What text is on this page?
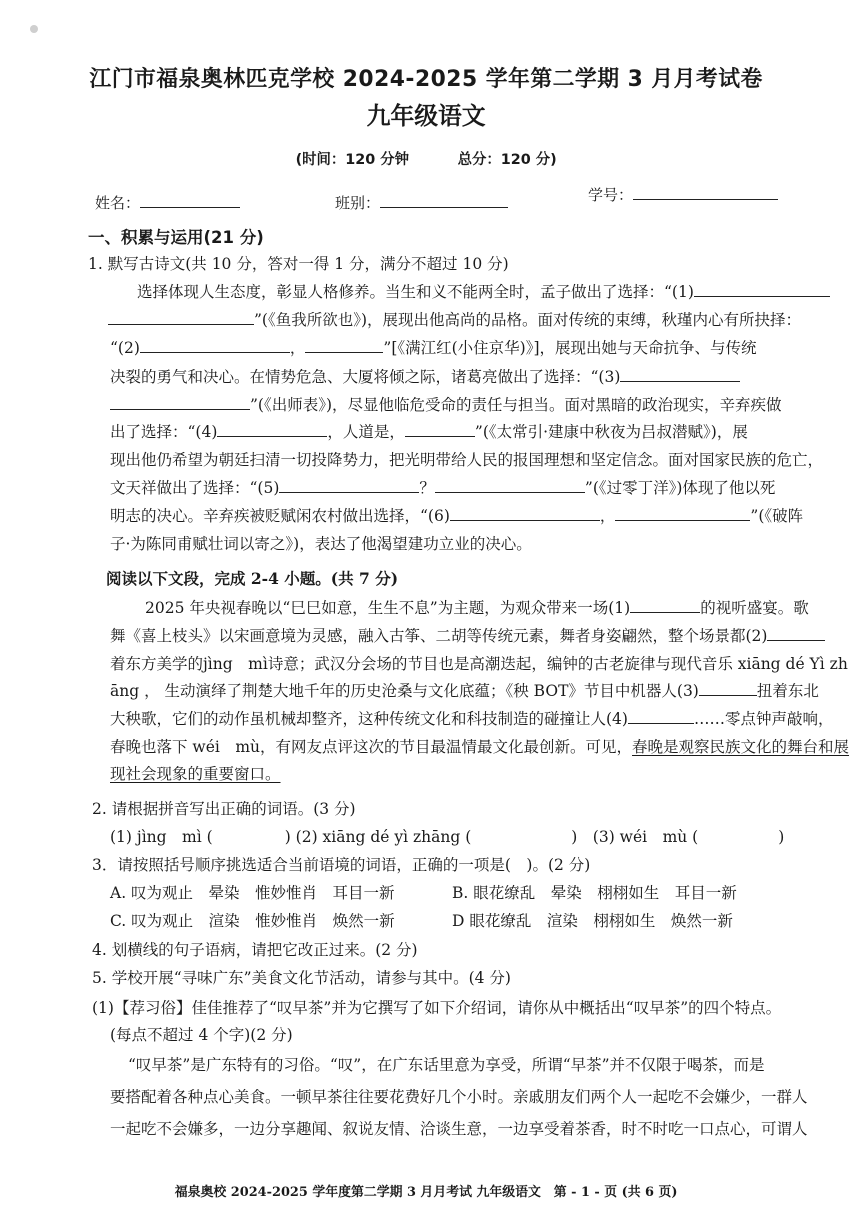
江门市福泉奥林匹克学校 2024-2025 学年第二学期 3 月月考试卷
九年级语文
(时间：120 分钟	总分：120 分)
姓名：	班别：	学号：
一、积累与运用(21 分)
1. 默写古诗文(共 10 分，答对一得 1 分，满分不超过 10 分)
选择体现人生态度，彰显人格修养。当生和义不能两全时，孟子做出了选择：“(1)
”(《鱼我所欲也》)，展现出他高尚的品格。面对传统的束缚，秋瑾内心有所抉择：
“(2)	，	”[《满江红(小住京华)》]，展现出她与天命抗争、与传统
决裂的勇气和决心。在情势危急、大厦将倾之际，诸葛亮做出了选择：“(3)
”(《出师表》)，尽显他临危受命的责任与担当。面对黑暗的政治现实，辛弃疾做
出了选择：“(4)	，人道是，	”(《太常引·建康中秋夜为吕叔潜赋》)，展
现出他仍希望为朝廷扫清一切投降势力，把光明带给人民的报国理想和坚定信念。面对国家民族的危亡，
文天祥做出了选择：“(5)	？	”(《过零丁洋》)体现了他以死
明志的决心。辛弃疾被贬赋闲农村做出选择，“(6)	，	”(《破阵
子·为陈同甫赋壮词以寄之》)，表达了他渴望建功立业的决心。
阅读以下文段，完成 2-4 小题。(共 7 分)
2025 年央视春晚以“巳巳如意，生生不息”为主题，为观众带来一场(1)	的视听盛宴。歌
舞《喜上枝头》以宋画意境为灵感，融入古筝、二胡等传统元素，舞者身姿翩然，整个场景都(2)
着东方美学的jìng　mì诗意；武汉分会场的节目也是高潮迭起，编钟的古老旋律与现代音乐 xiāng dé Yì zh
āng ， 生动演绎了荆楚大地千年的历史沧桑与文化底蕴；《秧 BOT》节目中机器人(3)	扭着东北
大秧歌，它们的动作虽机械却整齐，这种传统文化和科技制造的碰撞让人(4)	……零点钟声敲响，
春晚也落下 wéi　mù，有网友点评这次的节目最温情最文化最创新。可见，春晚是观察民族文化的舞台和展
现社会现象的重要窗口。
2. 请根据拼音写出正确的词语。(3 分)
(1) jìng　mì (	) (2) xiāng dé yì zhāng (	)　(3) wéi　mù (	)
3．请按照括号顺序挑选适合当前语境的词语，正确的一项是(　)。(2 分)
A. 叹为观止　晕染　惟妙惟肖　耳目一新	B. 眼花缭乱　晕染　栩栩如生　耳目一新
C. 叹为观止　渲染　惟妙惟肖　焕然一新	D 眼花缭乱　渲染　栩栩如生　焕然一新
4. 划横线的句子语病，请把它改正过来。(2 分)
5. 学校开展“寻味广东”美食文化节活动，请参与其中。(4 分)
(1)【荐习俗】佳佳推荐了“叹早茶”并为它撰写了如下介绍词，请你从中概括出“叹早茶”的四个特点。
(每点不超过 4 个字)(2 分)
“叹早茶”是广东特有的习俗。“叹”，在广东话里意为享受，所谓“早茶”并不仅限于喝茶，而是
要搭配着各种点心美食。一顿早茶往往要花费好几个小时。亲戚朋友们两个人一起吃不会嫌少，一群人
一起吃不会嫌多，一边分享趣闻、叙说友情、洽谈生意，一边享受着茶香，时不时吃一口点心，可谓人
福泉奥校 2024-2025 学年度第二学期 3 月月考试 九年级语文　第 - 1 - 页 (共 6 页)
